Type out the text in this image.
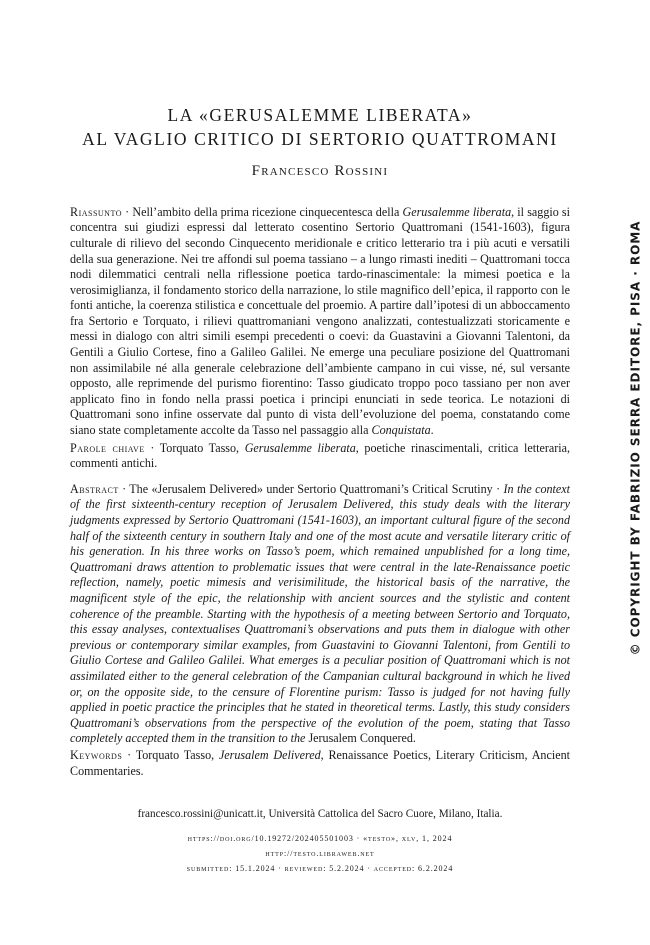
LA «GERUSALEMME LIBERATA»
AL VAGLIO CRITICO DI SERTORIO QUATTROMANI
Francesco Rossini

Riassunto · Nell’ambito della prima ricezione cinquecentesca della Gerusalemme liberata, il saggio si concentra sui giudizi espressi dal letterato cosentino Sertorio Quattromani (1541-1603), figura culturale di rilievo del secondo Cinquecento meridionale e critico letterario tra i più acuti e versatili della sua generazione. Nei tre affondi sul poema tassiano – a lungo rimasti inediti – Quattromani tocca nodi dilemmatici centrali nella riflessione poetica tardo-rinascimentale: la mimesi poetica e la verosimiglianza, il fondamento storico della narrazione, lo stile magnifico dell’epica, il rapporto con le fonti antiche, la coerenza stilistica e concettuale del proemio. A partire dall’ipotesi di un abboccamento fra Sertorio e Torquato, i rilievi quattromaniani vengono analizzati, contestualizzati storicamente e messi in dialogo con altri simili esempi precedenti o coevi: da Guastavini a Giovanni Talentoni, da Gentili a Giulio Cortese, fino a Galileo Galilei. Ne emerge una peculiare posizione del Quattromani non assimilabile né alla generale celebrazione dell’ambiente campano in cui visse, né, sul versante opposto, alle reprimende del purismo fiorentino: Tasso giudicato troppo poco tassiano per non aver applicato fino in fondo nella prassi poetica i principi enunciati in sede teorica. Le notazioni di Quattromani sono infine osservate dal punto di vista dell’evoluzione del poema, constatando come siano state completamente accolte da Tasso nel passaggio alla Conquistata.

Parole chiave · Torquato Tasso, Gerusalemme liberata, poetiche rinascimentali, critica letteraria, commenti antichi.

Abstract · The «Jerusalem Delivered» under Sertorio Quattromani’s Critical Scrutiny · In the context of the first sixteenth-century reception of Jerusalem Delivered, this study deals with the literary judgments expressed by Sertorio Quattromani (1541-1603), an important cultural figure of the second half of the sixteenth century in southern Italy and one of the most acute and versatile literary critic of his generation. In his three works on Tasso’s poem, which remained unpublished for a long time, Quattromani draws attention to problematic issues that were central in the late-Renaissance poetic reflection, namely, poetic mimesis and verisimilitude, the historical basis of the narrative, the magnificent style of the epic, the relationship with ancient sources and the stylistic and content coherence of the preamble. Starting with the hypothesis of a meeting between Sertorio and Torquato, this essay analyses, contextualises Quattromani’s observations and puts them in dialogue with other previous or contemporary similar examples, from Guastavini to Giovanni Talentoni, from Gentili to Giulio Cortese and Galileo Galilei. What emerges is a peculiar position of Quattromani which is not assimilated either to the general celebration of the Campanian cultural background in which he lived or, on the opposite side, to the censure of Florentine purism: Tasso is judged for not having fully applied in poetic practice the principles that he stated in theoretical terms. Lastly, this study considers Quattromani’s observations from the perspective of the evolution of the poem, stating that Tasso completely accepted them in the transition to the Jerusalem Conquered.

Keywords · Torquato Tasso, Jerusalem Delivered, Renaissance Poetics, Literary Criticism, Ancient Commentaries.

francesco.rossini@unicatt.it, Università Cattolica del Sacro Cuore, Milano, Italia.
https://doi.org/10.19272/202405501003 · «testo», xlv, 1, 2024
http://testo.libraweb.net
submitted: 15.1.2024 · reviewed: 5.2.2024 · accepted: 6.2.2024
© COPYRIGHT BY FABRIZIO SERRA EDITORE, PISA · ROMA
